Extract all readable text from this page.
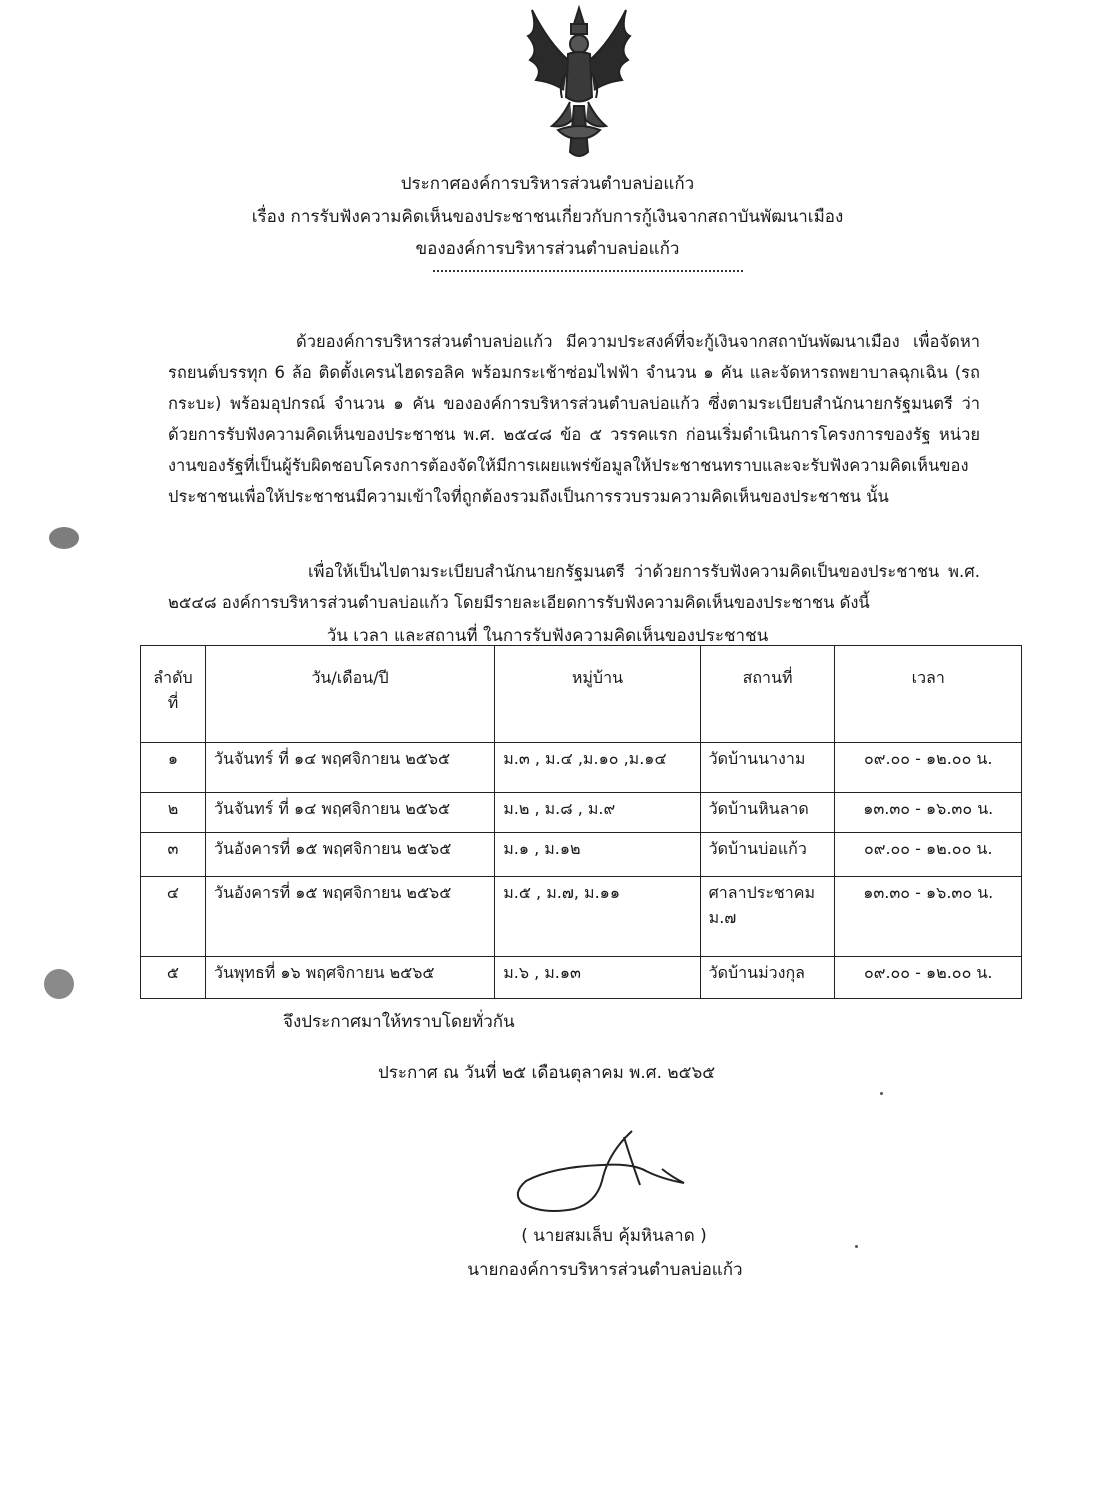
ประกาศองค์การบริหารส่วนตำบลบ่อแก้ว
เรื่อง การรับฟังความคิดเห็นของประชาชนเกี่ยวกับการกู้เงินจากสถาบันพัฒนาเมือง
ขององค์การบริหารส่วนตำบลบ่อแก้ว

ด้วยองค์การบริหารส่วนตำบลบ่อแก้ว มีความประสงค์ที่จะกู้เงินจากสถาบันพัฒนาเมือง เพื่อจัดหารถยนต์บรรทุก 6 ล้อ ติดตั้งเครนไฮดรอลิค พร้อมกระเช้าซ่อมไฟฟ้า จำนวน ๑ คัน และจัดหารถพยาบาลฉุกเฉิน (รถกระบะ) พร้อมอุปกรณ์ จำนวน ๑ คัน ขององค์การบริหารส่วนตำบลบ่อแก้ว ซึ่งตามระเบียบสำนักนายกรัฐมนตรี ว่าด้วยการรับฟังความคิดเห็นของประชาชน พ.ศ. ๒๕๔๘ ข้อ ๕ วรรคแรก ก่อนเริ่มดำเนินการโครงการของรัฐ หน่วยงานของรัฐที่เป็นผู้รับผิดชอบโครงการต้องจัดให้มีการเผยแพร่ข้อมูลให้ประชาชนทราบและจะรับฟังความคิดเห็นของประชาชนเพื่อให้ประชาชนมีความเข้าใจที่ถูกต้องรวมถึงเป็นการรวบรวมความคิดเห็นของประชาชน นั้น

เพื่อให้เป็นไปตามระเบียบสำนักนายกรัฐมนตรี ว่าด้วยการรับฟังความคิดเป็นของประชาชน พ.ศ. ๒๕๔๘ องค์การบริหารส่วนตำบลบ่อแก้ว โดยมีรายละเอียดการรับฟังความคิดเห็นของประชาชน ดังนี้

วัน เวลา และสถานที่ ในการรับฟังความคิดเห็นของประชาชน
ลำดับ ที่	วัน/เดือน/ปี	หมู่บ้าน	สถานที่	เวลา
๑	วันจันทร์ ที่ ๑๔ พฤศจิกายน ๒๕๖๕	ม.๓ , ม.๔ ,ม.๑๐ ,ม.๑๔	วัดบ้านนางาม	๐๙.๐๐ - ๑๒.๐๐ น.
๒	วันจันทร์ ที่ ๑๔ พฤศจิกายน ๒๕๖๕	ม.๒ , ม.๘ , ม.๙	วัดบ้านหินลาด	๑๓.๓๐ - ๑๖.๓๐ น.
๓	วันอังคารที่ ๑๕ พฤศจิกายน ๒๕๖๕	ม.๑ , ม.๑๒	วัดบ้านบ่อแก้ว	๐๙.๐๐ - ๑๒.๐๐ น.
๔	วันอังคารที่ ๑๕ พฤศจิกายน ๒๕๖๕	ม.๕ , ม.๗, ม.๑๑	ศาลาประชาคม ม.๗	๑๓.๓๐ - ๑๖.๓๐ น.
๕	วันพุทธที่ ๑๖ พฤศจิกายน ๒๕๖๕	ม.๖ , ม.๑๓	วัดบ้านม่วงกุล	๐๙.๐๐ - ๑๒.๐๐ น.
จึงประกาศมาให้ทราบโดยทั่วกัน
ประกาศ ณ วันที่ ๒๕ เดือนตุลาคม พ.ศ. ๒๕๖๕
( นายสมเล็บ คุ้มหินลาด )
นายกองค์การบริหารส่วนตำบลบ่อแก้ว
